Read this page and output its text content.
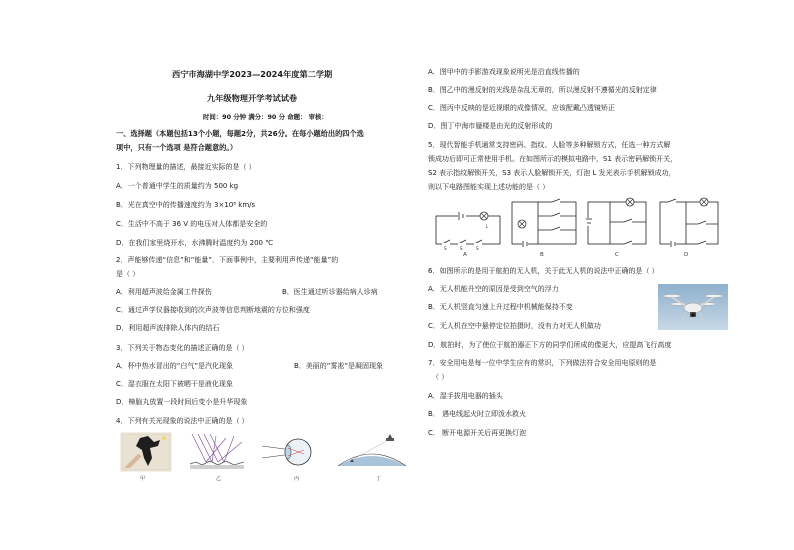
西宁市海湖中学2023—2024年度第二学期
九年级物理开学考试试卷
时间：90 分钟 满分：90 分 命题： 审核：
一、选择题（本题包括13个小题，每题2分，共26分。在每小题给出的四个选
项中，只有一个选项 是符合题意的。）
1．下列物理量的描述，最接近实际的是（ ）
A．一个普通中学生的质量约为 500 kg
B．光在真空中的传播速度约为 3×10⁸ km/s
C．生活中不高于 36 V 的电压对人体都是安全的
D．在我们家里烧开水，水沸腾时温度约为 200 ℃
2．声能够传递“信息”和“能量”．下面事例中，主要利用声传递“能量”的
是（ ）
A．利用超声波给金属工件探伤	B．医生通过听诊器给病人诊病
C．通过声学仪器接收到的次声波等信息判断地震的方位和强度
D．利用超声波排除人体内的结石
3．下列关于物态变化的描述正确的是（ ）
A．杯中热水冒出的“白气”是汽化现象	B．美丽的“雾凇”是凝固现象
C．湿衣服在太阳下被晒干是液化现象
D．樟脑丸放置一段时间后变小是升华现象
4．下列有关光现象的说法中正确的是（ ）
甲	乙	丙	丁
A．图甲中的手影游戏现象说明光是沿直线传播的
B．图乙中的漫反射的光线是杂乱无章的，所以漫反射不遵循光的反射定律
C．图丙中反映的是近视眼的成像情况，应该配戴凸透镜矫正
D．图丁中海市蜃楼是由光的反射形成的
5．现代智能手机通常支持密码、指纹、人脸等多种解锁方式，任选一种方式解
锁成功后即可正常使用手机。在如图所示的模拟电路中，S1 表示密码解锁开关，
S2 表示指纹解锁开关，S3 表示人脸解锁开关，灯泡 L 发光表示手机解锁成功，
则以下电路图能实现上述功能的是（ ）
S	S	S
L
A	B	C	D
6．如图所示的是用于航拍的无人机，关于此无人机的说法中正确的是（ ）
A．无人机能升空的原因是受到空气的浮力
B．无人机竖直匀速上升过程中机械能保持不变
C．无人机在空中悬停定位拍摄时，没有力对无人机做功
D．航拍时，为了使位于航拍器正下方的同学们所成的像更大，应提高飞行高度
7．安全用电是每一位中学生应有的常识，下列做法符合安全用电原则的是
（ ）
A．湿手拔用电器的插头
B． 遇电线起火时立即泼水救火
C． 断开电源开关后再更换灯泡
